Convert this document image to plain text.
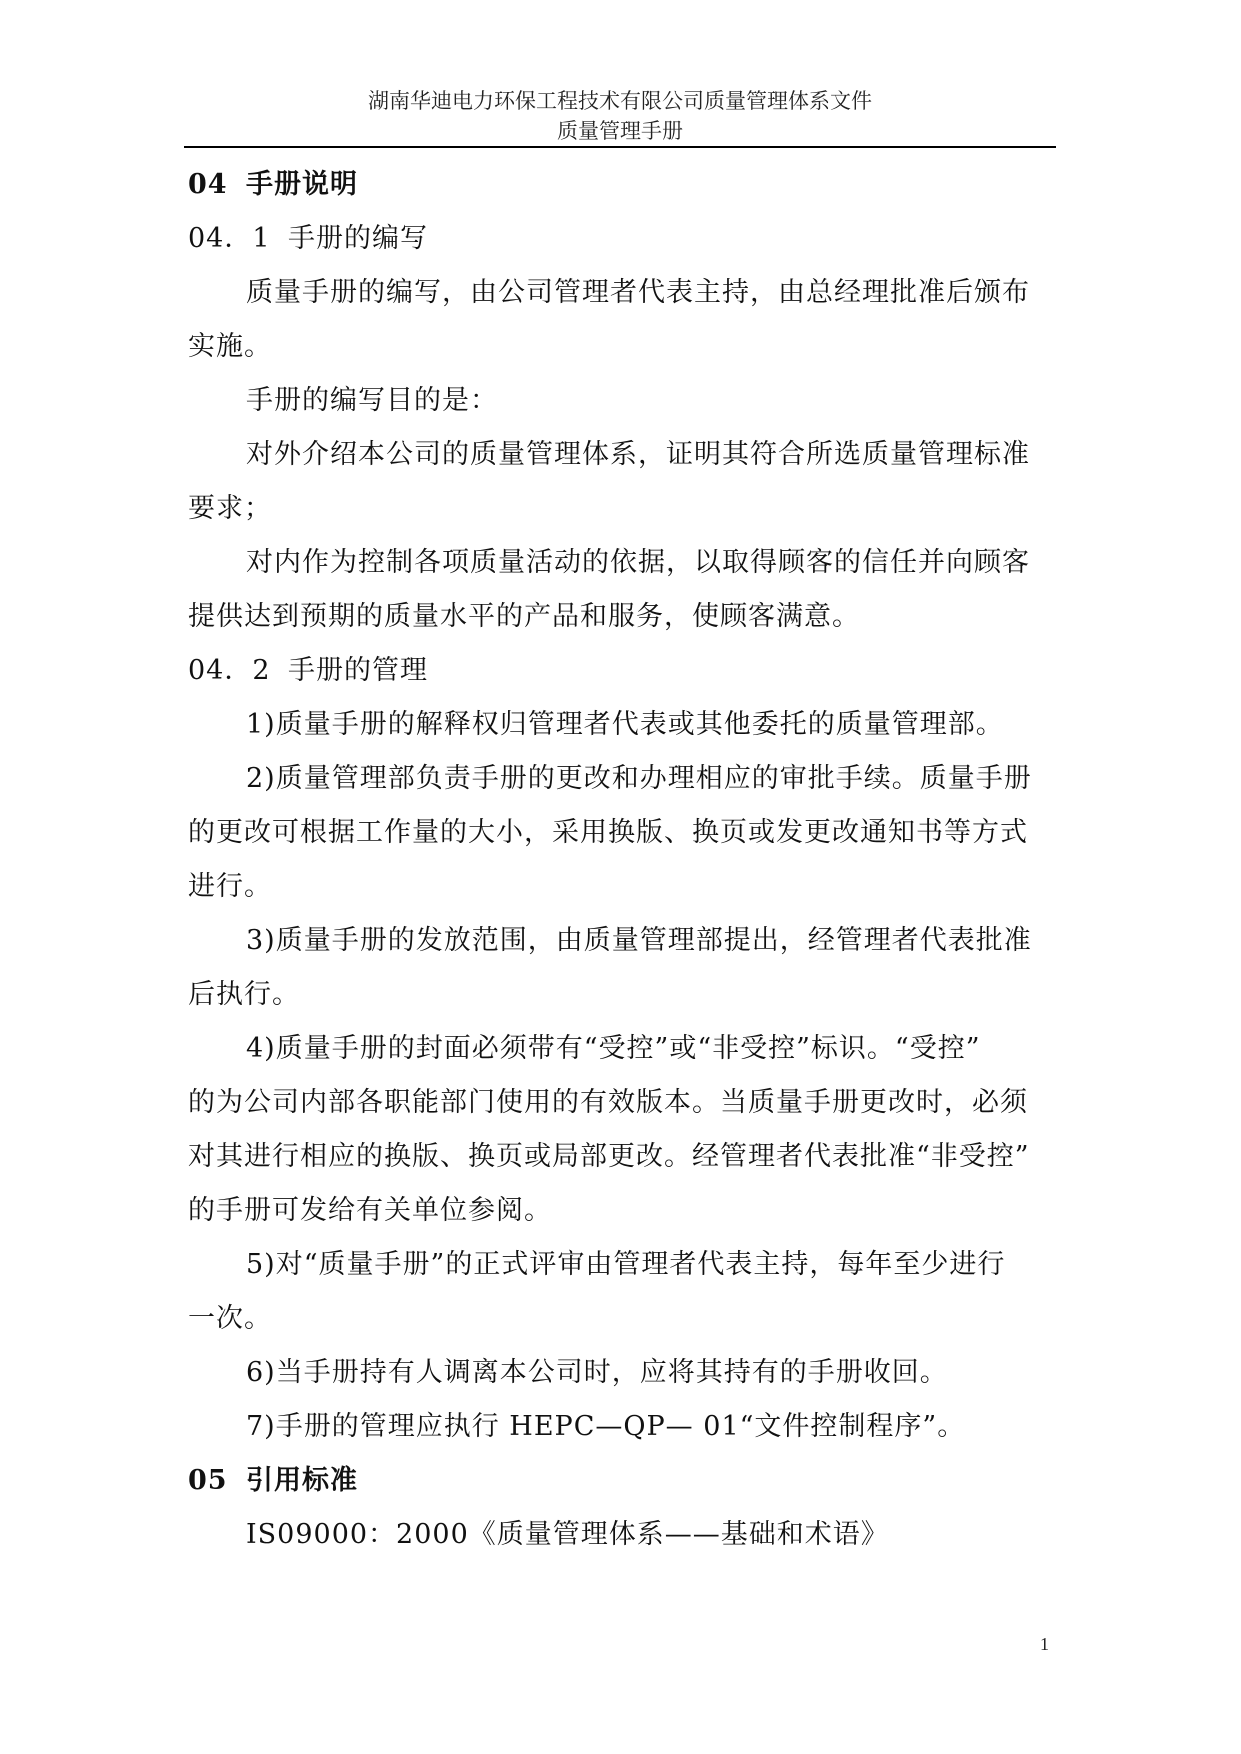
湖南华迪电力环保工程技术有限公司质量管理体系文件
质量管理手册
04 手册说明
04．1 手册的编写
质量手册的编写，由公司管理者代表主持，由总经理批准后颁布
实施。
手册的编写目的是：
对外介绍本公司的质量管理体系，证明其符合所选质量管理标准
要求；
对内作为控制各项质量活动的依据，以取得顾客的信任并向顾客
提供达到预期的质量水平的产品和服务，使顾客满意。
04．2 手册的管理
1)质量手册的解释权归管理者代表或其他委托的质量管理部。
2)质量管理部负责手册的更改和办理相应的审批手续。质量手册
的更改可根据工作量的大小，采用换版、换页或发更改通知书等方式
进行。
3)质量手册的发放范围，由质量管理部提出，经管理者代表批准
后执行。
4)质量手册的封面必须带有“受控”或“非受控”标识。“受控”
的为公司内部各职能部门使用的有效版本。当质量手册更改时，必须
对其进行相应的换版、换页或局部更改。经管理者代表批准“非受控”
的手册可发给有关单位参阅。
5)对“质量手册”的正式评审由管理者代表主持，每年至少进行
一次。
6)当手册持有人调离本公司时，应将其持有的手册收回。
7)手册的管理应执行 HEPC—QP— 01“文件控制程序”。
05 引用标准
IS09000：2000《质量管理体系——基础和术语》
1
